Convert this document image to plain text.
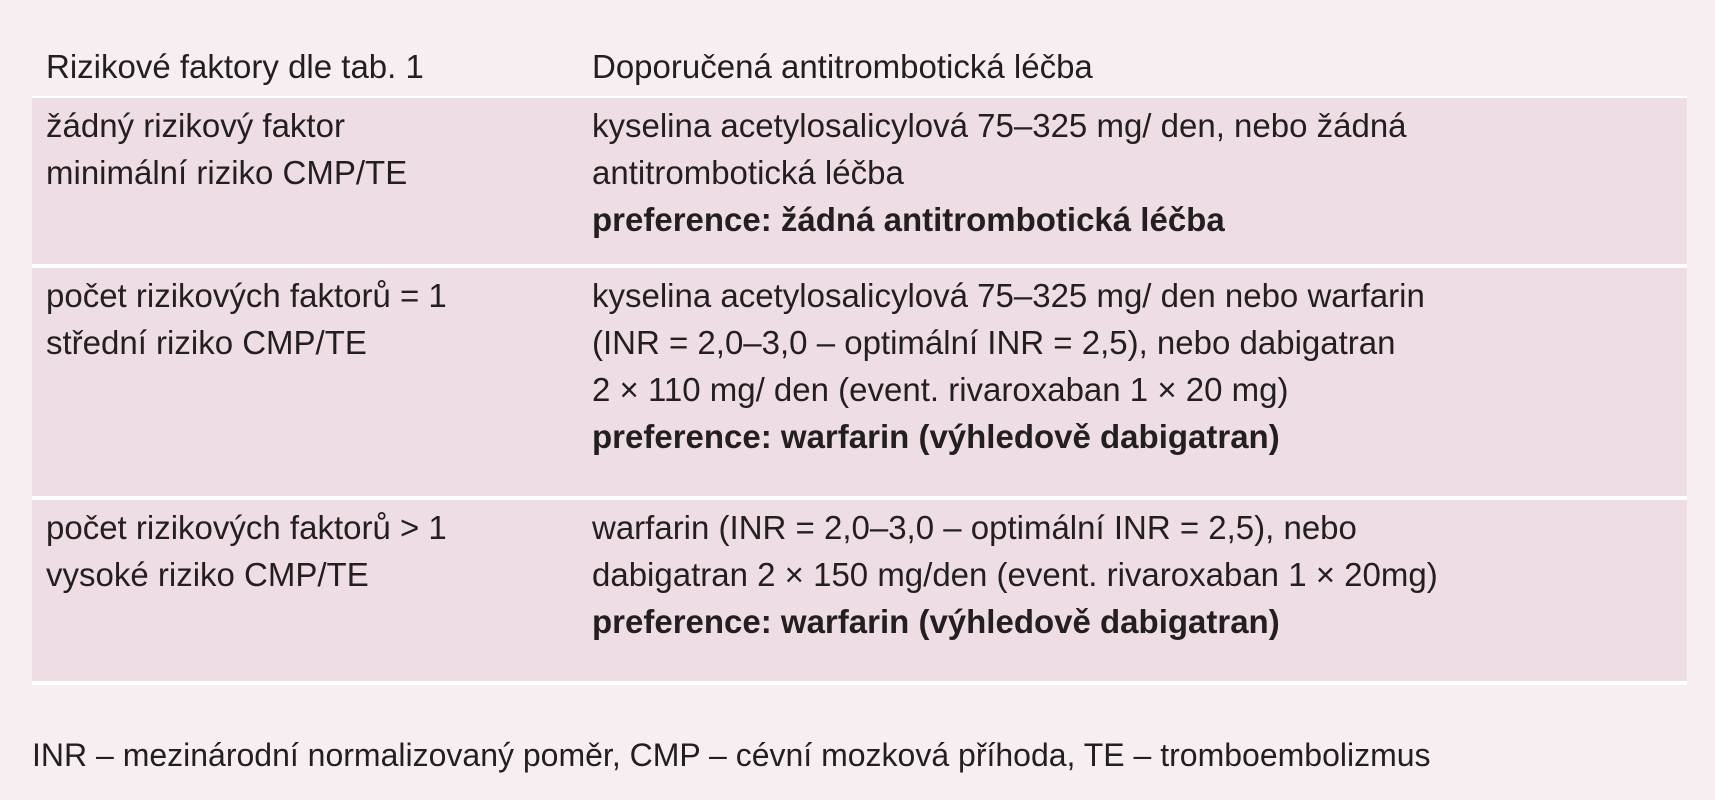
Rizikové faktory dle tab. 1	Doporučená antitrombotická léčba
žádný rizikový faktor
minimální riziko CMP/TE
kyselina acetylosalicylová 75–325 mg/ den, nebo žádná
antitrombotická léčba
preference: žádná antitrombotická léčba
počet rizikových faktorů = 1
střední riziko CMP/TE
kyselina acetylosalicylová 75–325 mg/ den nebo warfarin
(INR = 2,0–3,0 – optimální INR = 2,5), nebo dabigatran
2 × 110 mg/ den (event. rivaroxaban 1 × 20 mg)
preference: warfarin (výhledově dabigatran)
počet rizikových faktorů > 1
vysoké riziko CMP/TE
warfarin (INR = 2,0–3,0 – optimální INR = 2,5), nebo
dabigatran 2 × 150 mg/den (event. rivaroxaban 1 × 20mg)
preference: warfarin (výhledově dabigatran)
INR – mezinárodní normalizovaný poměr, CMP – cévní mozková příhoda, TE – tromboembolizmus
